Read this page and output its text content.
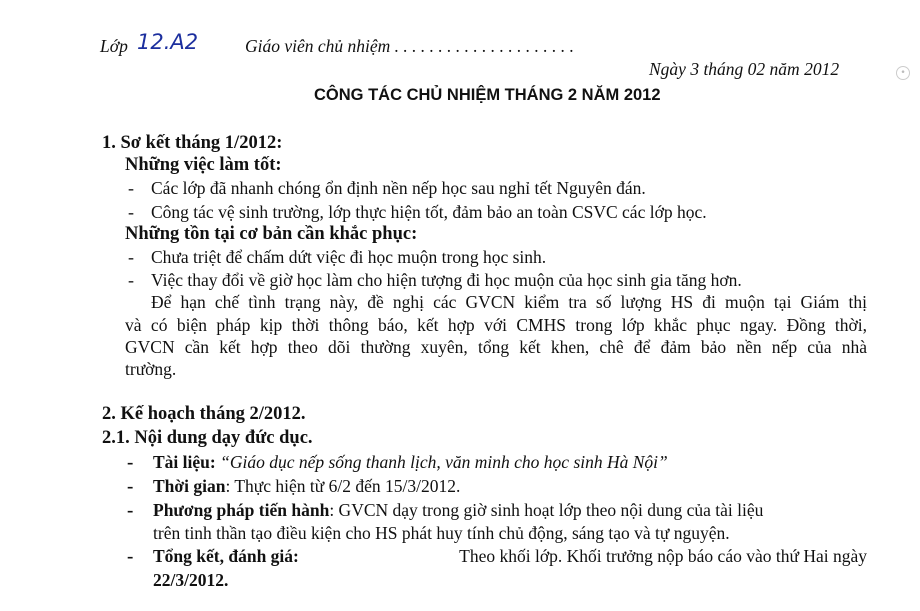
Lớp 12.A2	Giáo viên chủ nhiệm . . . . . . . . . . . . . . . . . . . . .
Ngày 3 tháng 02 năm 2012	•
CÔNG TÁC CHỦ NHIỆM THÁNG 2 NĂM 2012
1. Sơ kết tháng 1/2012:
Những việc làm tốt:
- Các lớp đã nhanh chóng ổn định nền nếp học sau nghỉ tết Nguyên đán.
- Công tác vệ sinh trường, lớp thực hiện tốt, đảm bảo an toàn CSVC các lớp học.
Những tồn tại cơ bản cần khắc phục:
- Chưa triệt để chấm dứt việc đi học muộn trong học sinh.
- Việc thay đổi về giờ học làm cho hiện tượng đi học muộn của học sinh gia tăng hơn.
Để hạn chế tình trạng này, đề nghị các GVCN kiểm tra số lượng HS đi muộn tại Giám thị
và có biện pháp kịp thời thông báo, kết hợp với CMHS trong lớp khắc phục ngay. Đồng thời,
GVCN cần kết hợp theo dõi thường xuyên, tổng kết khen, chê để đảm bảo nền nếp của nhà
trường.
2. Kế hoạch tháng 2/2012.
2.1. Nội dung dạy đức dục.
- Tài liệu: “Giáo dục nếp sống thanh lịch, văn minh cho học sinh Hà Nội”
- Thời gian: Thực hiện từ 6/2 đến 15/3/2012.
- Phương pháp tiến hành: GVCN dạy trong giờ sinh hoạt lớp theo nội dung của tài liệu
trên tinh thần tạo điều kiện cho HS phát huy tính chủ động, sáng tạo và tự nguyện.
- Tổng kết, đánh giá:	Theo khối lớp. Khối trưởng nộp báo cáo vào thứ Hai ngày
22/3/2012.
